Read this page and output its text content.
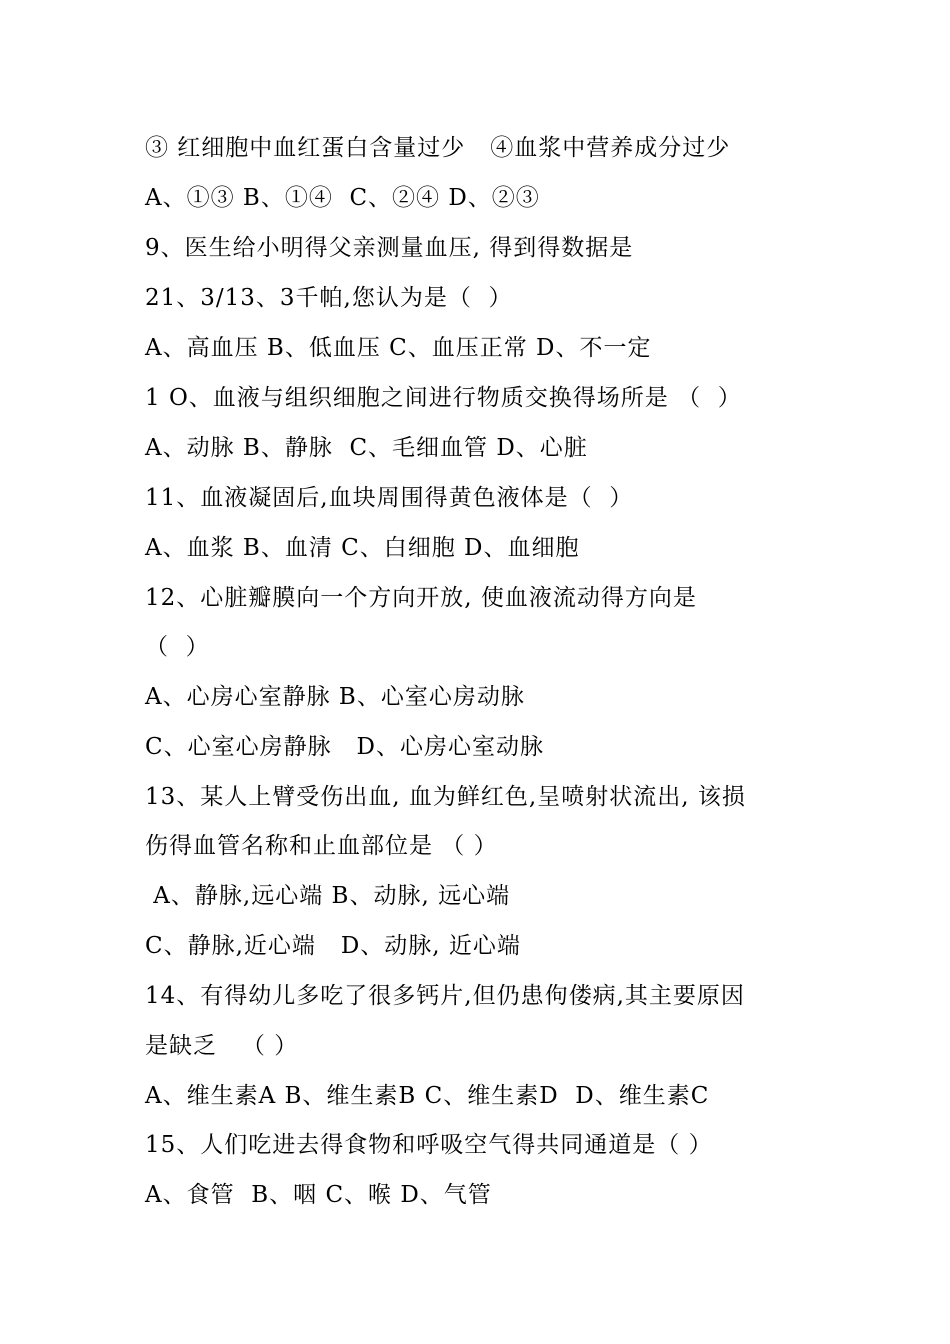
③ 红细胞中血红蛋白含量过少   ④血浆中营养成分过少
A、①③ B、①④  C、②④ D、②③
9、医生给小明得父亲测量血压, 得到得数据是
21、3/13、3千帕,您认为是（  ）
A、高血压 B、低血压 C、血压正常 D、不一定
1 O、血液与组织细胞之间进行物质交换得场所是 （  ）
A、动脉 B、静脉  C、毛细血管 D、心脏
11、血液凝固后,血块周围得黄色液体是（  ）
A、血浆 B、血清 C、白细胞 D、血细胞
12、心脏瓣膜向一个方向开放, 使血液流动得方向是
（  ）
A、心房心室静脉 B、心室心房动脉
C、心室心房静脉   D、心房心室动脉
13、某人上臂受伤出血, 血为鲜红色,呈喷射状流出, 该损
伤得血管名称和止血部位是 （ ）
A、静脉,远心端 B、动脉, 远心端
C、静脉,近心端   D、动脉, 近心端
14、有得幼儿多吃了很多钙片,但仍患佝偻病,其主要原因
是缺乏   （ ）
A、维生素A B、维生素B C、维生素D  D、维生素C
15、人们吃进去得食物和呼吸空气得共同通道是（ ）
A、食管  B、咽 C、喉 D、气管
